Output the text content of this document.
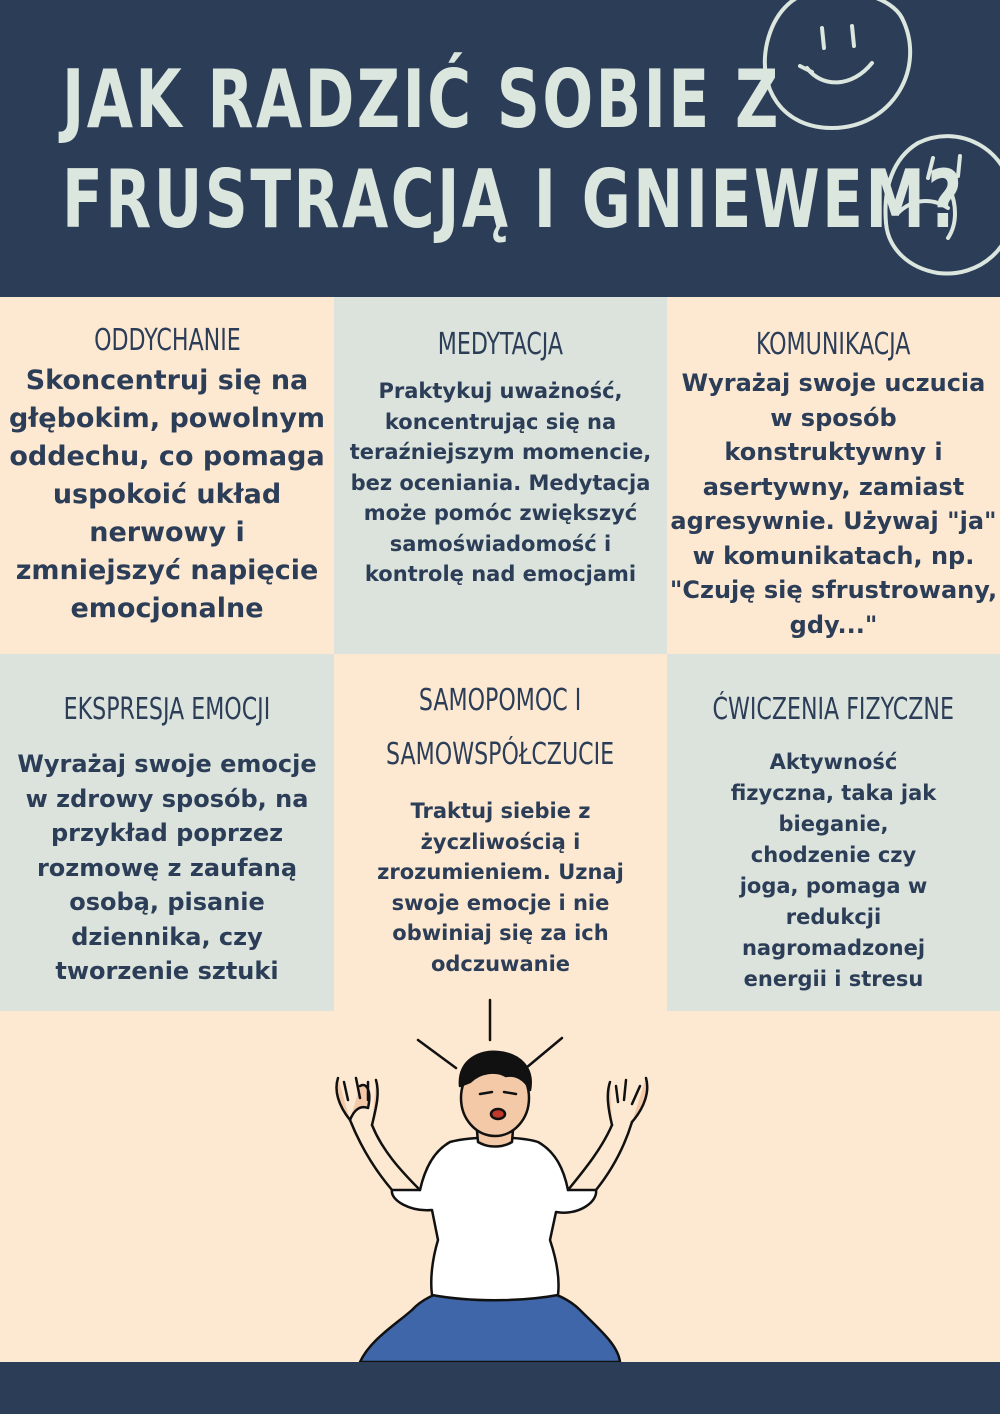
JAK RADZIĆ SOBIE Z
FRUSTRACJĄ I GNIEWEM?
ODDYCHANIE

Skoncentruj się na głębokim, powolnym oddechu, co pomaga uspokoić układ nerwowy i zmniejszyć napięcie emocjonalne

MEDYTACJA

Praktykuj uważność, koncentrując się na teraźniejszym momencie, bez oceniania. Medytacja może pomóc zwiększyć samoświadomość i kontrolę nad emocjami

KOMUNIKACJA

Wyrażaj swoje uczucia w sposób konstruktywny i asertywny, zamiast agresywnie. Używaj "ja" w komunikatach, np. "Czuję się sfrustrowany, gdy..."

EKSPRESJA EMOCJI

Wyrażaj swoje emocje w zdrowy sposób, na przykład poprzez rozmowę z zaufaną osobą, pisanie dziennika, czy tworzenie sztuki

SAMOPOMOC I
SAMOWSPÓŁCZUCIE

Traktuj siebie z życzliwością i zrozumieniem. Uznaj swoje emocje i nie obwiniaj się za ich odczuwanie

ĆWICZENIA FIZYCZNE

Aktywność fizyczna, taka jak bieganie, chodzenie czy joga, pomaga w redukcji nagromadzonej energii i stresu
